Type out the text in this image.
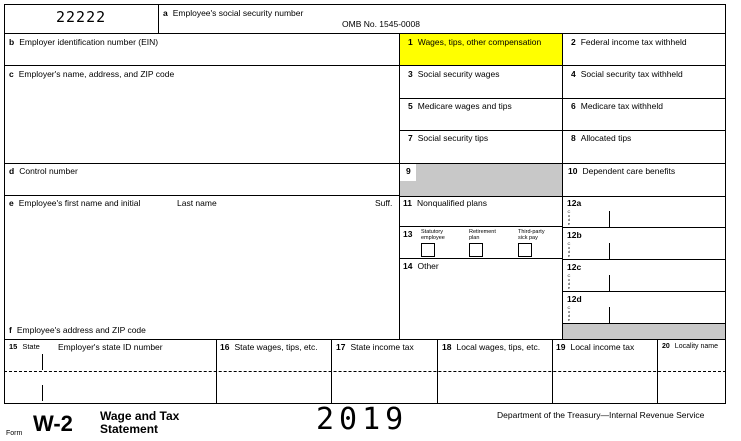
22222	a Employee's social security number
OMB No. 1545-0008
b Employer identification number (EIN)
c Employer's name, address, and ZIP code
d Control number
e Employee's first name and initial	Last name	Suff.
f Employee's address and ZIP code
1 Wages, tips, other compensation
3 Social security wages
5 Medicare wages and tips
7 Social security tips
9
11 Nonqualified plans
13	Statutory employee
Retirement plan
Third-party sick pay
14 Other
2 Federal income tax withheld
4 Social security tax withheld
6 Medicare tax withheld
8 Allocated tips
10 Dependent care benefits
12a
Code
12b
Code
12c
Code
12d
Code
15 State Employer's state ID number	16 State wages, tips, etc. 17 State income tax	18 Local wages, tips, etc. 19 Local income tax	20 Locality name
Form W-2 Wage and Tax
Statement	2019	Department of the Treasury—Internal Revenue Service
